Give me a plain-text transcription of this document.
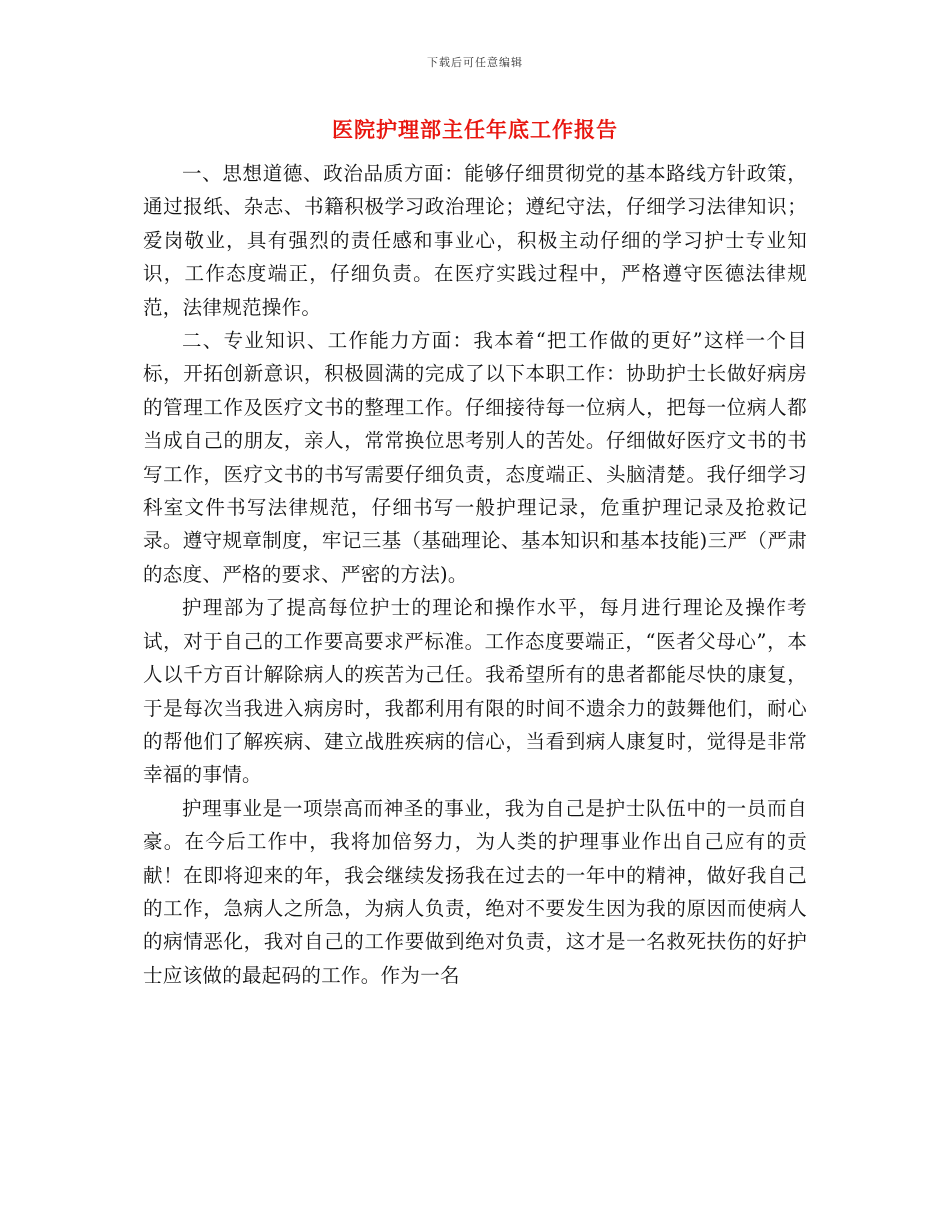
下载后可任意编辑
医院护理部主任年底工作报告

一、思想道德、政治品质方面：能够仔细贯彻党的基本路线方针政策，通过报纸、杂志、书籍积极学习政治理论；遵纪守法，仔细学习法律知识；爱岗敬业，具有强烈的责任感和事业心，积极主动仔细的学习护士专业知识，工作态度端正，仔细负责。在医疗实践过程中，严格遵守医德法律规范，法律规范操作。

二、专业知识、工作能力方面：我本着“把工作做的更好”这样一个目标，开拓创新意识，积极圆满的完成了以下本职工作：协助护士长做好病房的管理工作及医疗文书的整理工作。仔细接待每一位病人，把每一位病人都当成自己的朋友，亲人，常常换位思考别人的苦处。仔细做好医疗文书的书写工作，医疗文书的书写需要仔细负责，态度端正、头脑清楚。我仔细学习科室文件书写法律规范，仔细书写一般护理记录，危重护理记录及抢救记录。遵守规章制度，牢记三基（基础理论、基本知识和基本技能)三严（严肃的态度、严格的要求、严密的方法)。

护理部为了提高每位护士的理论和操作水平，每月进行理论及操作考试，对于自己的工作要高要求严标准。工作态度要端正，“医者父母心”，本人以千方百计解除病人的疾苦为己任。我希望所有的患者都能尽快的康复，于是每次当我进入病房时，我都利用有限的时间不遗余力的鼓舞他们，耐心的帮他们了解疾病、建立战胜疾病的信心，当看到病人康复时，觉得是非常幸福的事情。

护理事业是一项崇高而神圣的事业，我为自己是护士队伍中的一员而自豪。在今后工作中，我将加倍努力，为人类的护理事业作出自己应有的贡献！在即将迎来的年，我会继续发扬我在过去的一年中的精神，做好我自己的工作，急病人之所急，为病人负责，绝对不要发生因为我的原因而使病人的病情恶化，我对自己的工作要做到绝对负责，这才是一名救死扶伤的好护士应该做的最起码的工作。作为一名
